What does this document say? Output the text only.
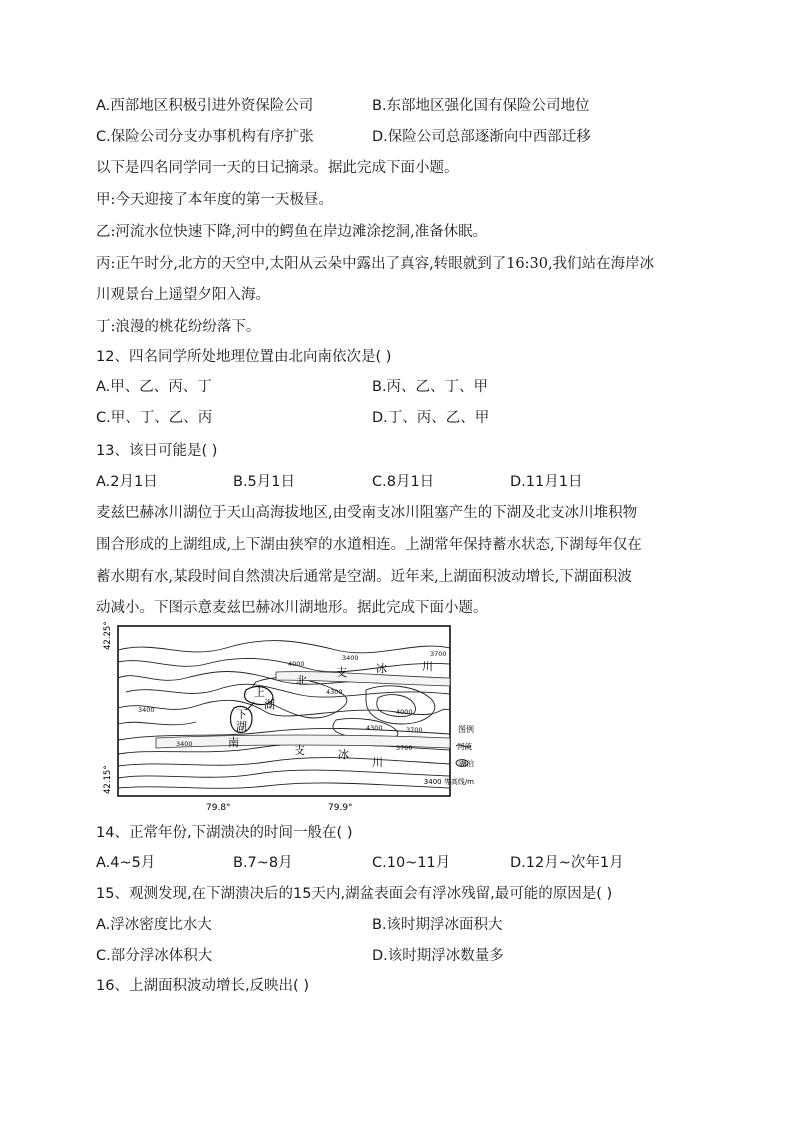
A.西部地区积极引进外资保险公司	B.东部地区强化国有保险公司地位
C.保险公司分支办事机构有序扩张	D.保险公司总部逐渐向中西部迁移
以下是四名同学同一天的日记摘录。据此完成下面小题。
甲:今天迎接了本年度的第一天极昼。
乙:河流水位快速下降,河中的鳄鱼在岸边滩涂挖洞,准备休眠。
丙:正午时分,北方的天空中,太阳从云朵中露出了真容,转眼就到了16:30,我们站在海岸冰
川观景台上遥望夕阳入海。
丁:浪漫的桃花纷纷落下。
12、四名同学所处地理位置由北向南依次是( )
A.甲、乙、丙、丁	B.丙、乙、丁、甲
C.甲、丁、乙、丙	D.丁、丙、乙、甲
13、该日可能是( )
A.2月1日	B.5月1日	C.8月1日	D.11月1日
麦兹巴赫冰川湖位于天山高海拔地区,由受南支冰川阻塞产生的下湖及北支冰川堆积物
围合形成的上湖组成,上下湖由狭窄的水道相连。上湖常年保持蓄水状态,下湖每年仅在
蓄水期有水,某段时间自然溃决后通常是空湖。近年来,上湖面积波动增长,下湖面积波
动减小。下图示意麦兹巴赫冰川湖地形。据此完成下面小题。
上
湖
下
湖
北
支	冰	川
南
支	冰
川
3400	3700
4000
4300
4000
4300
3400
3700
3400	3700
42.25°
42.15°
79.8°	79.9°
图例
河流
湖泊
3400 等高线/m
14、正常年份,下湖溃决的时间一般在( )
A.4~5月	B.7~8月	C.10~11月	D.12月~次年1月
15、观测发现,在下湖溃决后的15天内,湖盆表面会有浮冰残留,最可能的原因是( )
A.浮冰密度比水大	B.该时期浮冰面积大
C.部分浮冰体积大	D.该时期浮冰数量多
16、上湖面积波动增长,反映出( )
